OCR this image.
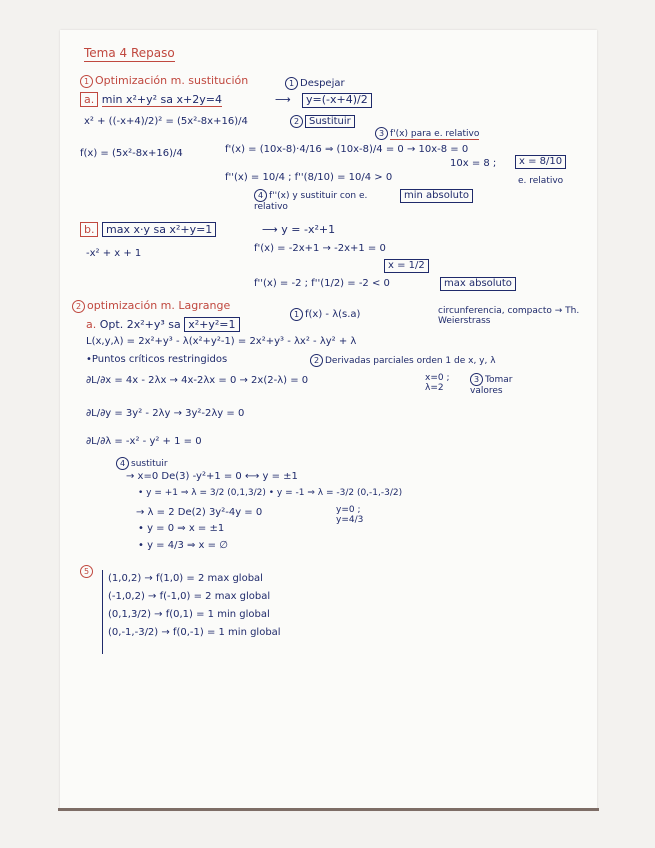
Tema 4 Repaso
1 Optimización m. sustitución	1 Despejar
a. min x²+y² sa x+2y=4	⟶	y=(-x+4)/2
x² + ((-x+4)/2)² = (5x²-8x+16)/4	2 Sustituir
3 f'(x) para e. relativo
f(x) = (5x²-8x+16)/4	f'(x) = (10x-8)·4/16 ⇒ (10x-8)/4 = 0 → 10x-8 = 0
10x = 8 ;	x = 8/10
e. relativo
f''(x) = 10/4 ; f''(8/10) = 10/4 > 0
4 f''(x) y sustituir con e. relativo
min absoluto
b. max x·y sa x²+y=1	⟶ y = -x²+1
-x² + x + 1	f'(x) = -2x+1 → -2x+1 = 0
x = 1/2
f''(x) = -2 ; f''(1/2) = -2 < 0	max absoluto
2 optimización m. Lagrange
1 f(x) - λ(s.a)	circunferencia, compacto → Th. Weierstrass
a. Opt. 2x²+y³ sa x²+y²=1
L(x,y,λ) = 2x²+y³ - λ(x²+y²-1) = 2x²+y³ - λx² - λy² + λ
•Puntos críticos restringidos	2 Derivadas parciales orden 1 de x, y, λ
∂L/∂x = 4x - 2λx → 4x-2λx = 0 → 2x(2-λ) = 0	x=0 ; λ=2
3 Tomar valores
∂L/∂y = 3y² - 2λy → 3y²-2λy = 0
∂L/∂λ = -x² - y² + 1 = 0
4 sustituir
→ x=0 De(3) -y²+1 = 0 ⟷ y = ±1
• y = +1 ⇒ λ = 3/2 (0,1,3/2) • y = -1 ⇒ λ = -3/2 (0,-1,-3/2)
→ λ = 2 De(2) 3y²-4y = 0	y=0 ; y=4/3
• y = 0 ⇒ x = ±1
• y = 4/3 ⇒ x = ∅
5
(1,0,2) → f(1,0) = 2 max global
(-1,0,2) → f(-1,0) = 2 max global
(0,1,3/2) → f(0,1) = 1 min global
(0,-1,-3/2) → f(0,-1) = 1 min global
